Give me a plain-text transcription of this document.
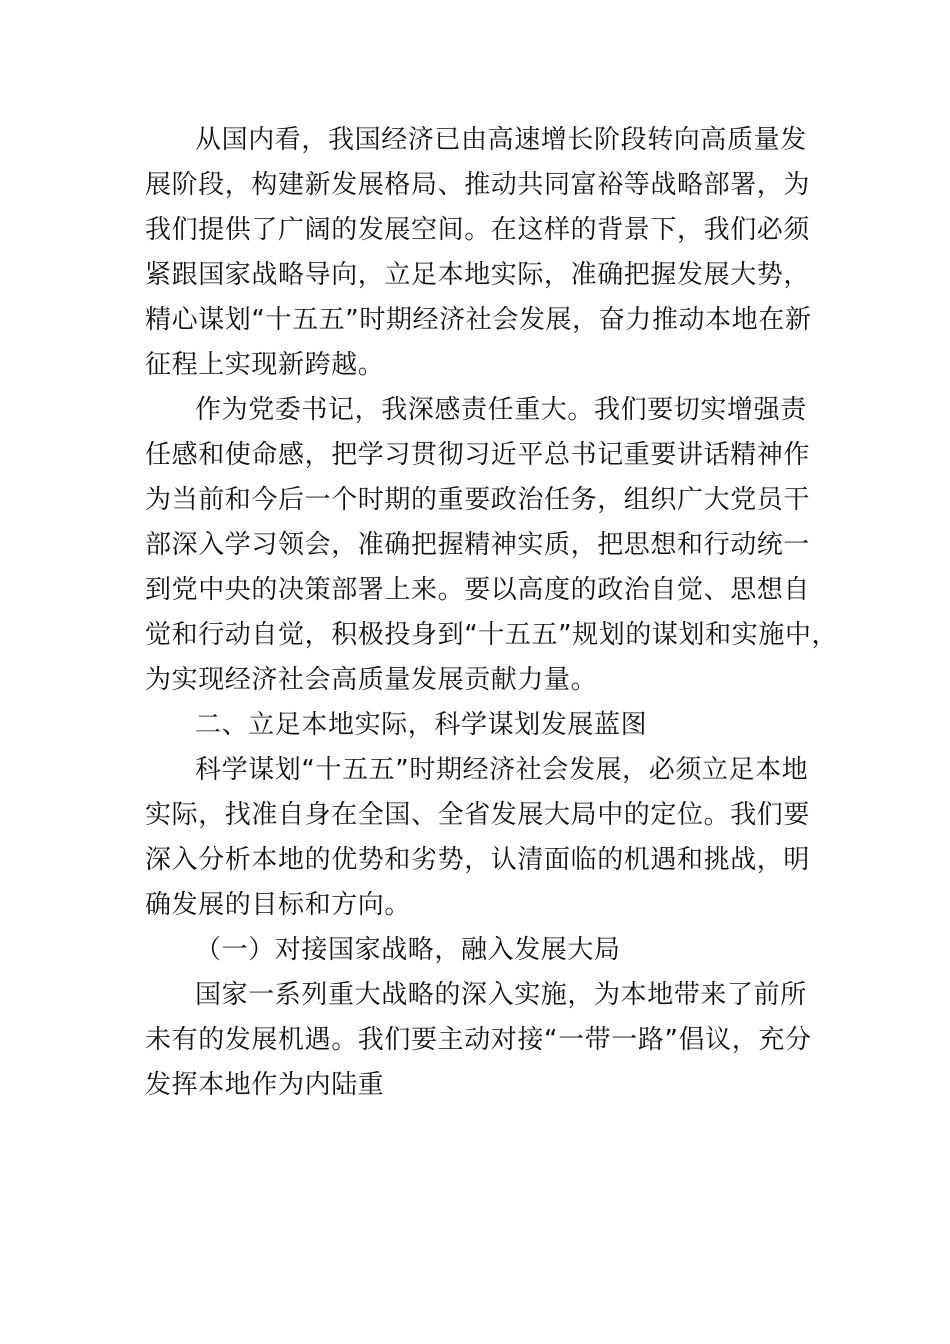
从国内看，我国经济已由高速增长阶段转向高质量发
展阶段，构建新发展格局、推动共同富裕等战略部署，为
我们提供了广阔的发展空间。在这样的背景下，我们必须
紧跟国家战略导向，立足本地实际，准确把握发展大势，
精心谋划“十五五”时期经济社会发展，奋力推动本地在新
征程上实现新跨越。
作为党委书记，我深感责任重大。我们要切实增强责
任感和使命感，把学习贯彻习近平总书记重要讲话精神作
为当前和今后一个时期的重要政治任务，组织广大党员干
部深入学习领会，准确把握精神实质，把思想和行动统一
到党中央的决策部署上来。要以高度的政治自觉、思想自
觉和行动自觉，积极投身到“十五五”规划的谋划和实施中，
为实现经济社会高质量发展贡献力量。
二、立足本地实际，科学谋划发展蓝图
科学谋划“十五五”时期经济社会发展，必须立足本地
实际，找准自身在全国、全省发展大局中的定位。我们要
深入分析本地的优势和劣势，认清面临的机遇和挑战，明
确发展的目标和方向。
（一）对接国家战略，融入发展大局
国家一系列重大战略的深入实施，为本地带来了前所
未有的发展机遇。我们要主动对接“一带一路”倡议，充分
发挥本地作为内陆重
